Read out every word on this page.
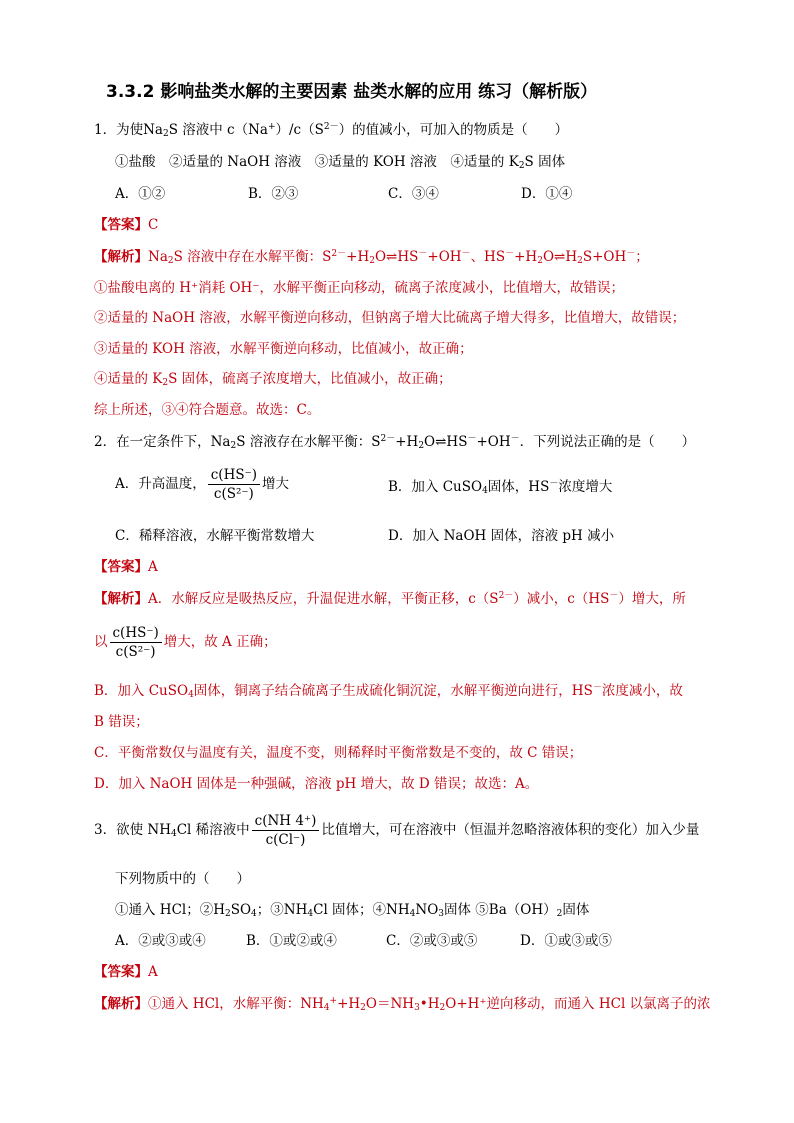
3.3.2 影响盐类水解的主要因素 盐类水解的应用 练习（解析版）
1．为使$Na_2S$ 溶液中 $c(Na^+)/c(S^{2-})$的值减小，可加入的物质是（　　）
①盐酸　②适量的 NaOH 溶液　③适量的 KOH 溶液　④适量的 $K_2S$ 固体
A．①②	B．②③	C．③④	D．①④
【答案】C
【解析】$Na_2S$ 溶液中存在水解平衡：$S^{2-}+H_2O\rightleftharpoons HS^-+OH^-$、$HS^-+H_2O\rightleftharpoons H_2S+OH^-$；
①盐酸电离的 H⁺消耗 OH⁻，水解平衡正向移动，硫离子浓度减小，比值增大，故错误；
②适量的 NaOH 溶液，水解平衡逆向移动，但钠离子增大比硫离子增大得多，比值增大，故错误；
③适量的 KOH 溶液，水解平衡逆向移动，比值减小，故正确；
④适量的 $K_2S$ 固体，硫离子浓度增大，比值减小，故正确；
综上所述，③④符合题意。故选：C。
2．在一定条件下，$Na_2S$ 溶液存在水解平衡：$S^{2-}+H_2O\rightleftharpoons HS^-+OH^-$．下列说法正确的是（　　）
A．升高温度， $\frac{c(HS^-)}{\text{c(S²⁻)}}$ 增大	B．加入 CuSO$_4$固体，HS－浓度增大
C．稀释溶液，水解平衡常数增大	D．加入 NaOH 固体，溶液 pH 减小
【答案】A
【解析】A．水解反应是吸热反应，升温促进水解，平衡正移，$c(S^{2-})$减小，c（HS－）增大，所
以 $\frac{c(HS^-)}{\text{c(S²⁻)}}$ 增大，故 A 正确；
B．加入 CuSO$_4$固体，铜离子结合硫离子生成硫化铜沉淀，水解平衡逆向进行，HS－浓度减小，故
B 错误；
C．平衡常数仅与温度有关，温度不变，则稀释时平衡常数是不变的，故 C 错误；
D．加入 NaOH 固体是一种强碱，溶液 pH 增大，故 D 错误；故选：A。
3．欲使 $NH_4Cl$ 稀溶液中 $\frac{c(NH 4^+)}{c(Cl^-)}$ 比值增大，可在溶液中（恒温并忽略溶液体积的变化）加入少量
下列物质中的（　　）
①通入 HCl；$②H_2SO_4$；$③NH_4Cl$ 固体；$④NH_4NO_3$固体 $⑤Ba(OH)_2$固体
A．②或③或④	B．①或②或④	C．②或③或⑤	D．①或③或⑤
【答案】A
【解析】①通入 HCl，水解平衡：$NH_4^++H_2O=NH_3•H_2O+H^+$逆向移动，而通入 HCl 以氯离子的浓
